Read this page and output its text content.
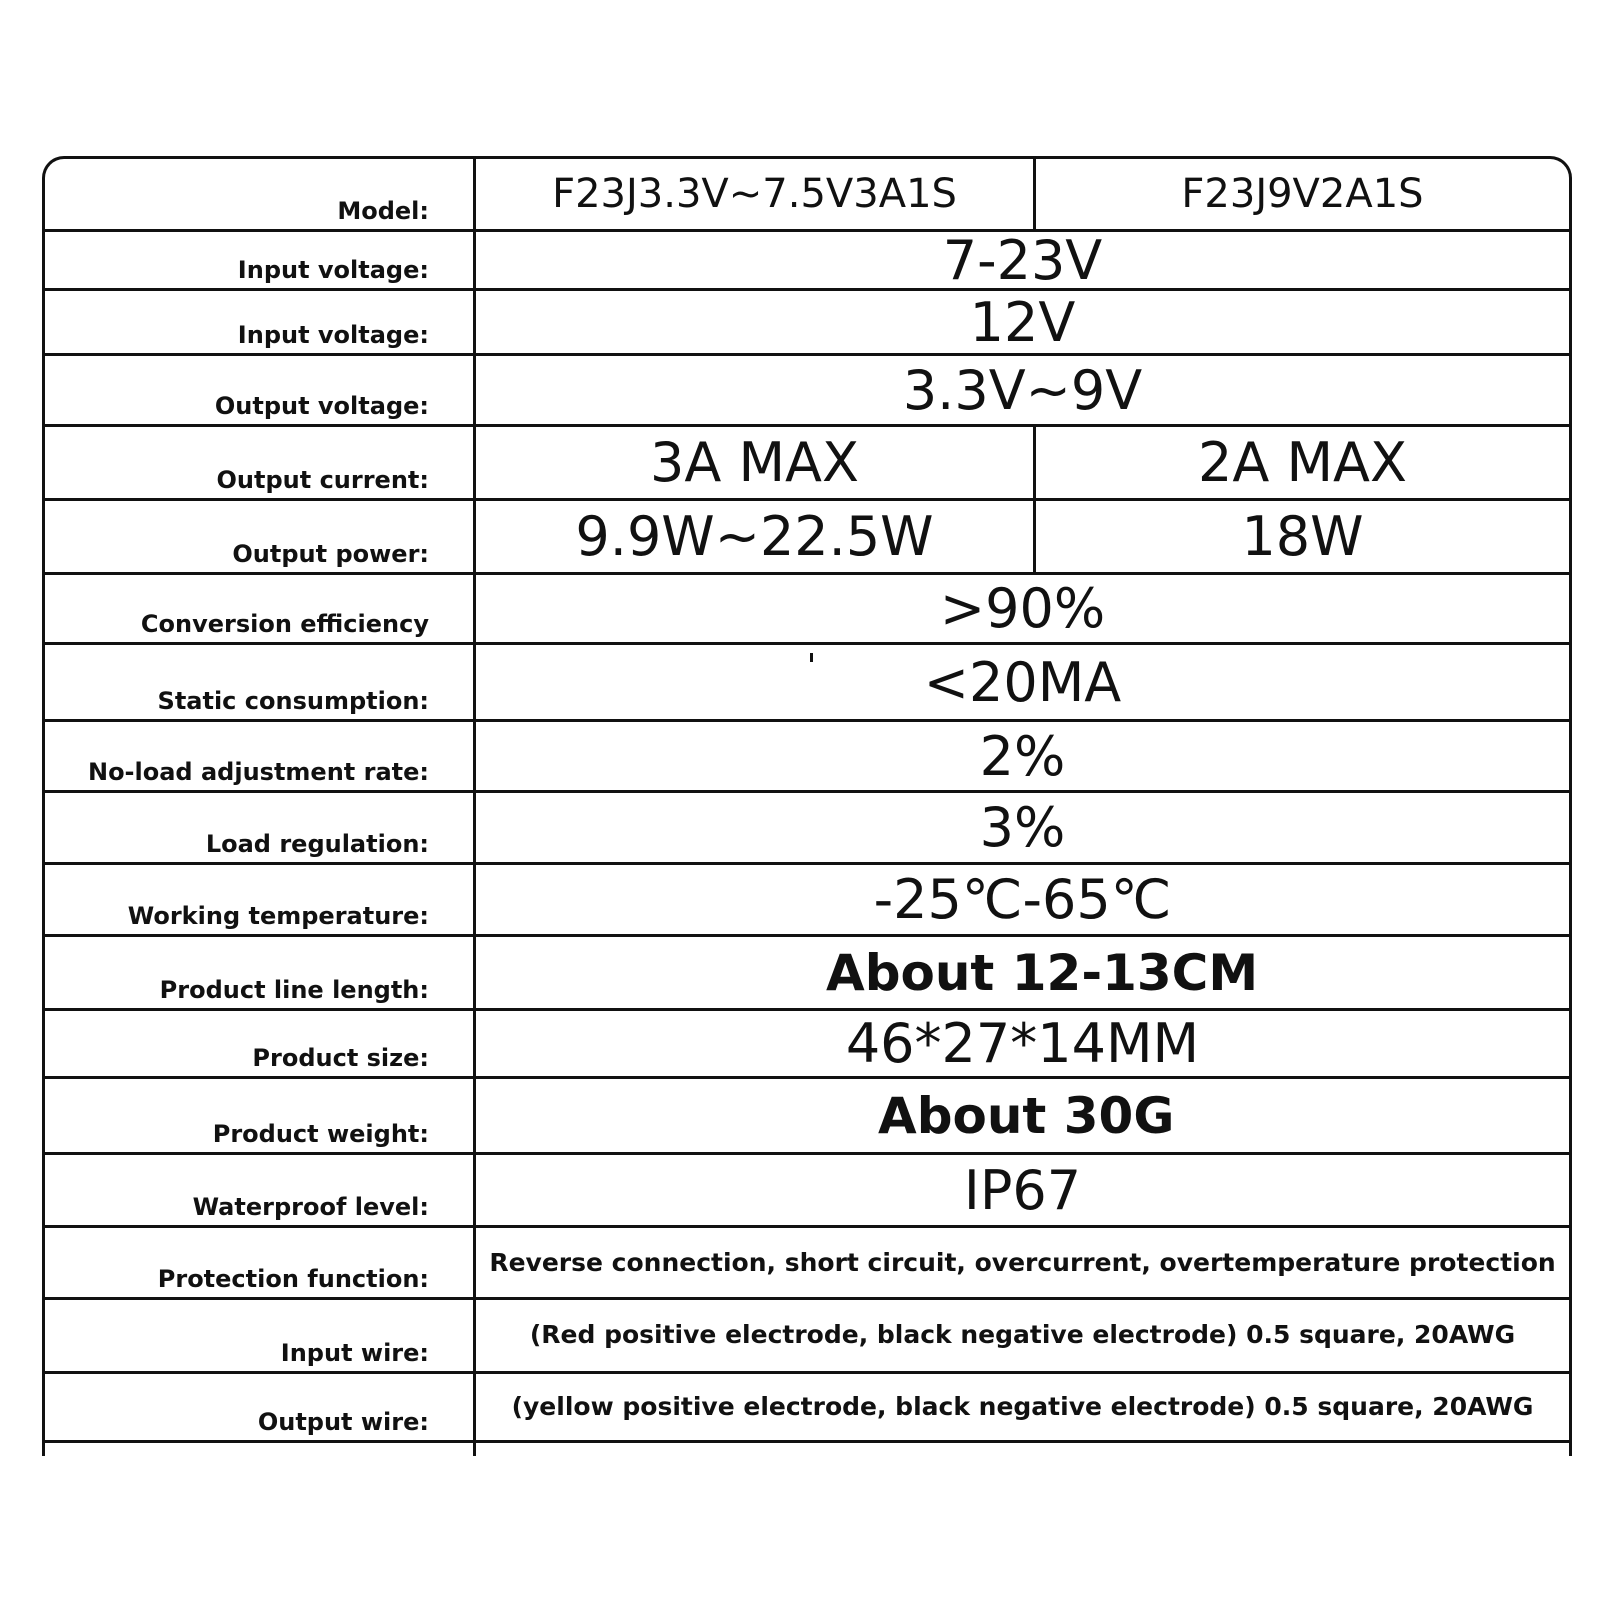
Model:	F23J3.3V~7.5V3A1S	F23J9V2A1S
Input voltage:	7-23V
Input voltage:	12V
Output voltage:	3.3V~9V
Output current:	3A MAX	2A MAX
Output power:	9.9W~22.5W	18W
Conversion efficiency	>90%
Static consumption:	<20MA
No-load adjustment rate:	2%
Load regulation:	3%
Working temperature:	-25℃-65℃
Product line length:	About 12-13CM
Product size:	46*27*14MM
Product weight:	About 30G
Waterproof level:	IP67
Protection function:
Reverse connection, short circuit, overcurrent, overtemperature protection
Input wire:
(Red positive electrode, black negative electrode) 0.5 square, 20AWG
Output wire:
(yellow positive electrode, black negative electrode) 0.5 square, 20AWG
